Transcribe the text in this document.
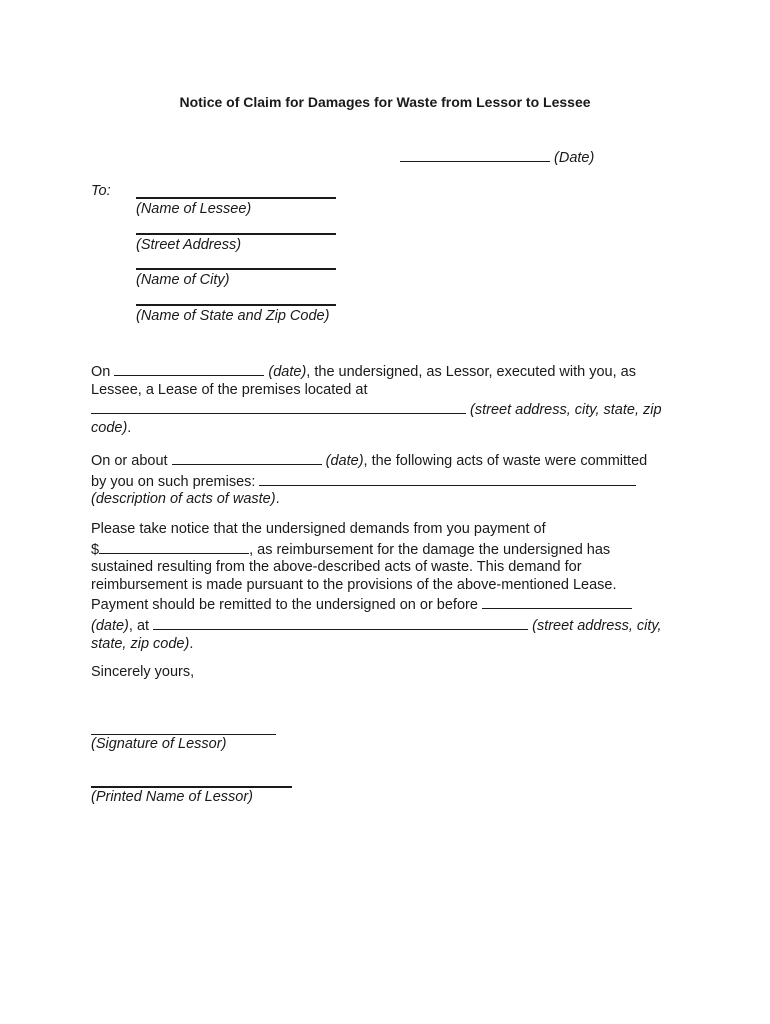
Notice of Claim for Damages for Waste from Lessor to Lessee
(Date)
To:
(Name of Lessee)
(Street Address)
(Name of City)
(Name of State and Zip Code)
On	(date), the undersigned, as Lessor, executed with you, as
Lessee, a Lease of the premises located at
(street address, city, state, zip
code).
On or about	(date), the following acts of waste were committed
by you on such premises:
(description of acts of waste).
Please take notice that the undersigned demands from you payment of
$	, as reimbursement for the damage the undersigned has
sustained resulting from the above-described acts of waste. This demand for
reimbursement is made pursuant to the provisions of the above-mentioned Lease.
Payment should be remitted to the undersigned on or before
(date), at	(street address, city,
state, zip code).
Sincerely yours,
(Signature of Lessor)
(Printed Name of Lessor)
